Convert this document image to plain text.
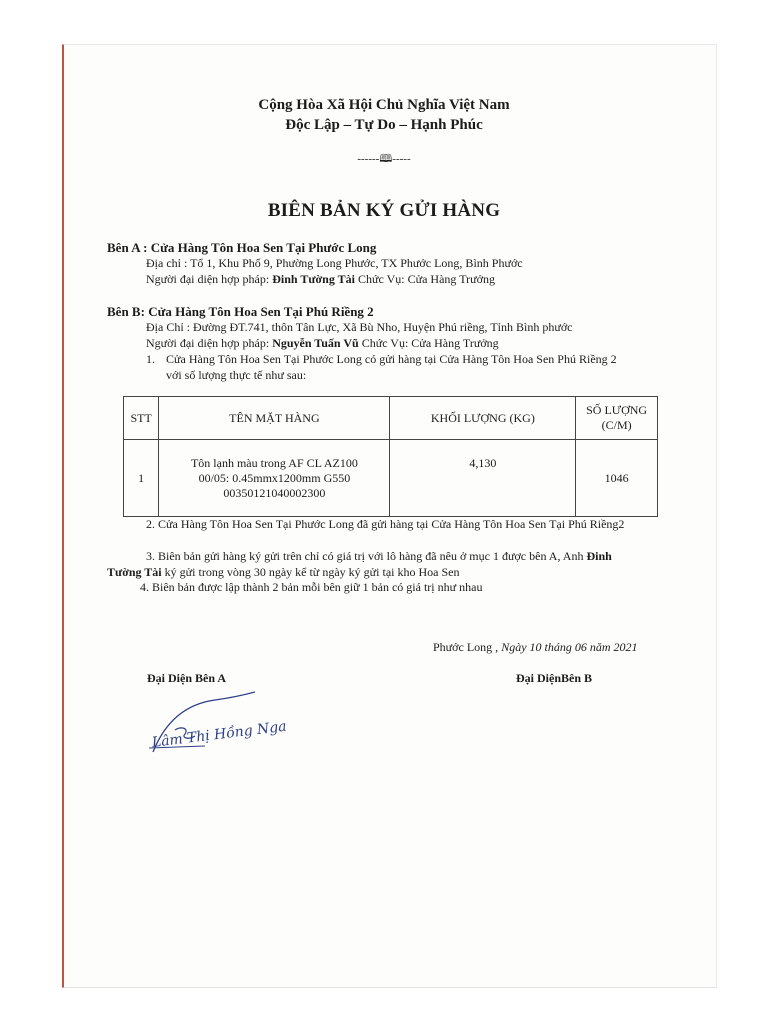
Cộng Hòa Xã Hội Chủ Nghĩa Việt Nam
Độc Lập – Tự Do – Hạnh Phúc
------🕮-----
BIÊN BẢN KÝ GỬI HÀNG
Bên A : Cửa Hàng Tôn Hoa Sen Tại Phước Long
Địa chỉ : Tổ 1, Khu Phố 9, Phường Long Phước, TX Phước Long, Bình Phước
Người đại diện hợp pháp: Đinh Tường Tài Chức Vụ: Cửa Hàng Trưởng
Bên B: Cửa Hàng Tôn Hoa Sen Tại Phú Riềng 2
Địa Chỉ : Đường ĐT.741, thôn Tân Lực, Xã Bù Nho, Huyện Phú riềng, Tỉnh Bình phước
Người đại diện hợp pháp: Nguyễn Tuấn Vũ Chức Vụ: Cửa Hàng Trưởng
1. Cửa Hàng Tôn Hoa Sen Tại Phước Long có gửi hàng tại Cửa Hàng Tôn Hoa Sen Phú Riềng 2
với số lượng thực tế như sau:
STT	TÊN MẶT HÀNG	KHỐI LƯỢNG (KG)	SỐ LƯỢNG
(C/M)
1	Tôn lạnh màu trong AF CL AZ100
00/05: 0.45mmx1200mm G550
00350121040002300	4,130	1046
2. Cửa Hàng Tôn Hoa Sen Tại Phước Long đã gửi hàng tại Cửa Hàng Tôn Hoa Sen Tại Phú Riềng2
3. Biên bản gửi hàng ký gửi trên chỉ có giá trị với lô hàng đã nêu ở mục 1 được bên A, Anh Đinh
Tường Tài ký gửi trong vòng 30 ngày kể từ ngày ký gửi tại kho Hoa Sen
4. Biên bản được lập thành 2 bản mỗi bên giữ 1 bản có giá trị như nhau
Phước Long , Ngày 10 tháng 06 năm 2021
Đại Diện Bên A	Đại DiệnBên B
Lâm Thị Hồng Nga
